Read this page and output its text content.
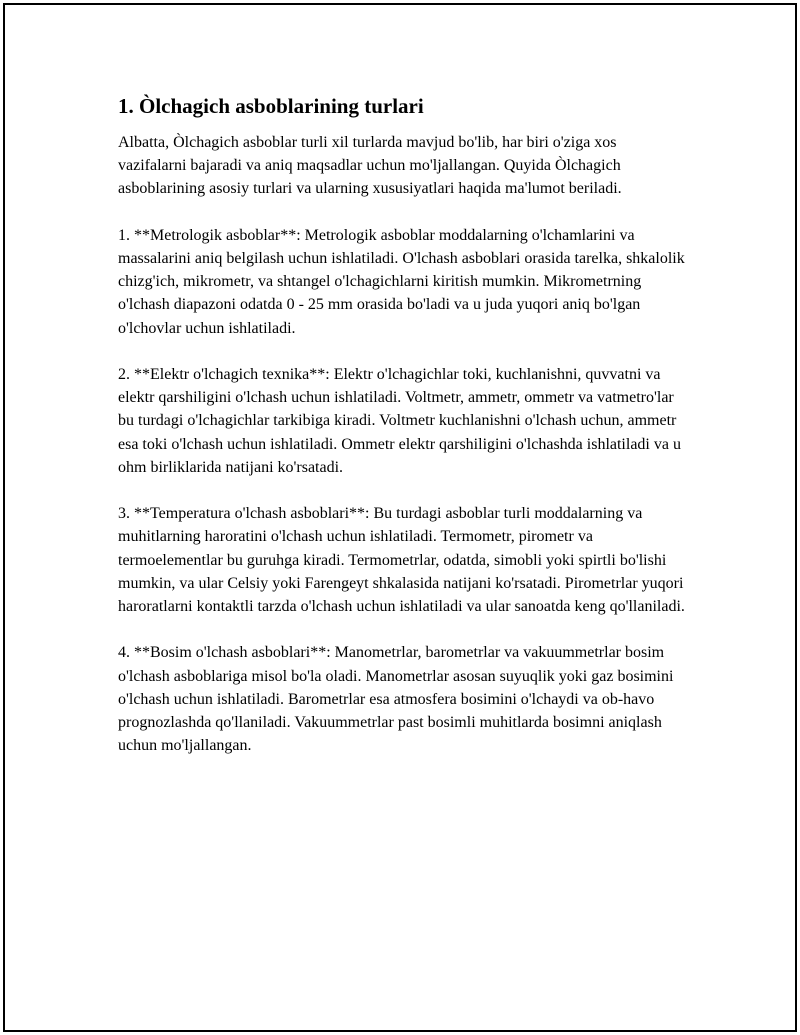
1. Òlchagich asboblarining turlari

Albatta, Òlchagich asboblar turli xil turlarda mavjud bo'lib, har biri o'ziga xos vazifalarni bajaradi va aniq maqsadlar uchun mo'ljallangan. Quyida Òlchagich asboblarining asosiy turlari va ularning xususiyatlari haqida ma'lumot beriladi.

1. **Metrologik asboblar**: Metrologik asboblar moddalarning o'lchamlarini va massalarini aniq belgilash uchun ishlatiladi. O'lchash asboblari orasida tarelka, shkalolik chizg'ich, mikrometr, va shtangel o'lchagichlarni kiritish mumkin. Mikrometrning o'lchash diapazoni odatda 0 - 25 mm orasida bo'ladi va u juda yuqori aniq bo'lgan o'lchovlar uchun ishlatiladi.

2. **Elektr o'lchagich texnika**: Elektr o'lchagichlar toki, kuchlanishni, quvvatni va elektr qarshiligini o'lchash uchun ishlatiladi. Voltmetr, ammetr, ommetr va vatmetro'lar bu turdagi o'lchagichlar tarkibiga kiradi. Voltmetr kuchlanishni o'lchash uchun, ammetr esa toki o'lchash uchun ishlatiladi. Ommetr elektr qarshiligini o'lchashda ishlatiladi va u ohm birliklarida natijani ko'rsatadi.

3. **Temperatura o'lchash asboblari**: Bu turdagi asboblar turli moddalarning va muhitlarning haroratini o'lchash uchun ishlatiladi. Termometr, pirometr va termoelementlar bu guruhga kiradi. Termometrlar, odatda, simobli yoki spirtli bo'lishi mumkin, va ular Celsiy yoki Farengeyt shkalasida natijani ko'rsatadi. Pirometrlar yuqori haroratlarni kontaktli tarzda o'lchash uchun ishlatiladi va ular sanoatda keng qo'llaniladi.

4. **Bosim o'lchash asboblari**: Manometrlar, barometrlar va vakuummetrlar bosim o'lchash asboblariga misol bo'la oladi. Manometrlar asosan suyuqlik yoki gaz bosimini o'lchash uchun ishlatiladi. Barometrlar esa atmosfera bosimini o'lchaydi va ob-havo prognozlashda qo'llaniladi. Vakuummetrlar past bosimli muhitlarda bosimni aniqlash uchun mo'ljallangan.
